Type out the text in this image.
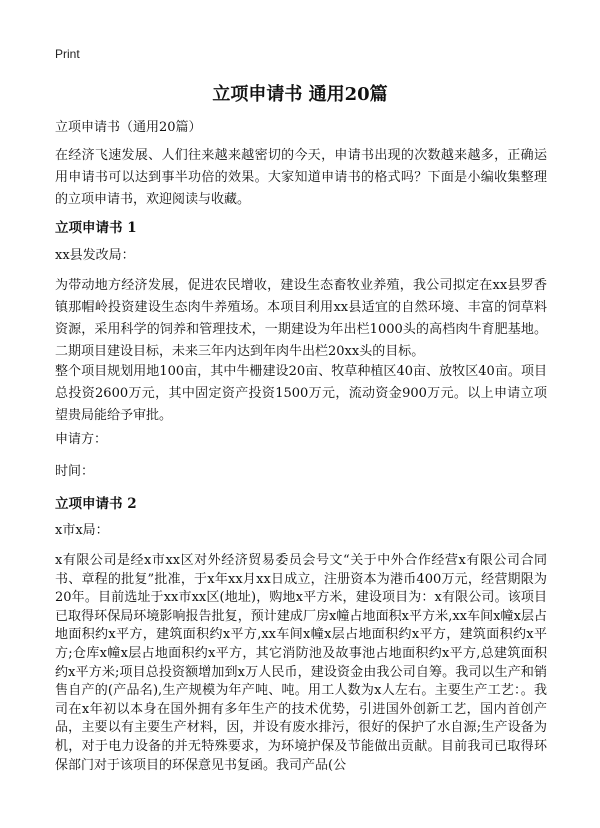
Print
立项申请书 通用20篇

立项申请书（通用20篇）

在经济飞速发展、人们往来越来越密切的今天，申请书出现的次数越来越多，正确运用申请书可以达到事半功倍的效果。大家知道申请书的格式吗？下面是小编收集整理的立项申请书，欢迎阅读与收藏。

立项申请书 1

xx县发改局：

为带动地方经济发展，促进农民增收，建设生态畜牧业养殖，我公司拟定在xx县罗香镇那帽岭投资建设生态肉牛养殖场。本项目利用xx县适宜的自然环境、丰富的饲草料资源，采用科学的饲养和管理技术，一期建设为年出栏1000头的高档肉牛育肥基地。二期项目建设目标，未来三年内达到年肉牛出栏20xx头的目标。

整个项目规划用地100亩，其中牛栅建设20亩、牧草种植区40亩、放牧区40亩。项目总投资2600万元，其中固定资产投资1500万元，流动资金900万元。以上申请立项望贵局能给予审批。

申请方：

时间：

立项申请书 2

x市x局：

x有限公司是经x市xx区对外经济贸易委员会号文“关于中外合作经营x有限公司合同书、章程的批复”批准，于x年xx月xx日成立，注册资本为港币400万元，经营期限为20年。目前选址于xx市xx区(地址)，购地x平方米，建设项目为：x有限公司。该项目已取得环保局环境影响报告批复，预计建成厂房x幢占地面积x平方米,xx车间x幢x层占地面积约x平方，建筑面积约x平方,xx车间x幢x层占地面积约x平方，建筑面积约x平方;仓库x幢x层占地面积约x平方，其它消防池及故事池占地面积约x平方,总建筑面积约x平方米;项目总投资额增加到x万人民币，建设资金由我公司自筹。我司以生产和销售自产的(产品名),生产规模为年产吨、吨。用工人数为x人左右。主要生产工艺：。我司在x年初以本身在国外拥有多年生产的技术优势，引进国外创新工艺，国内首创产品，主要以有主要生产材料，因，并设有废水排污，很好的保护了水自源;生产设备为机，对于电力设备的并无特殊要求，为环境护保及节能做出贡献。目前我司已取得环保部门对于该项目的环保意见书复函。我司产品(公
